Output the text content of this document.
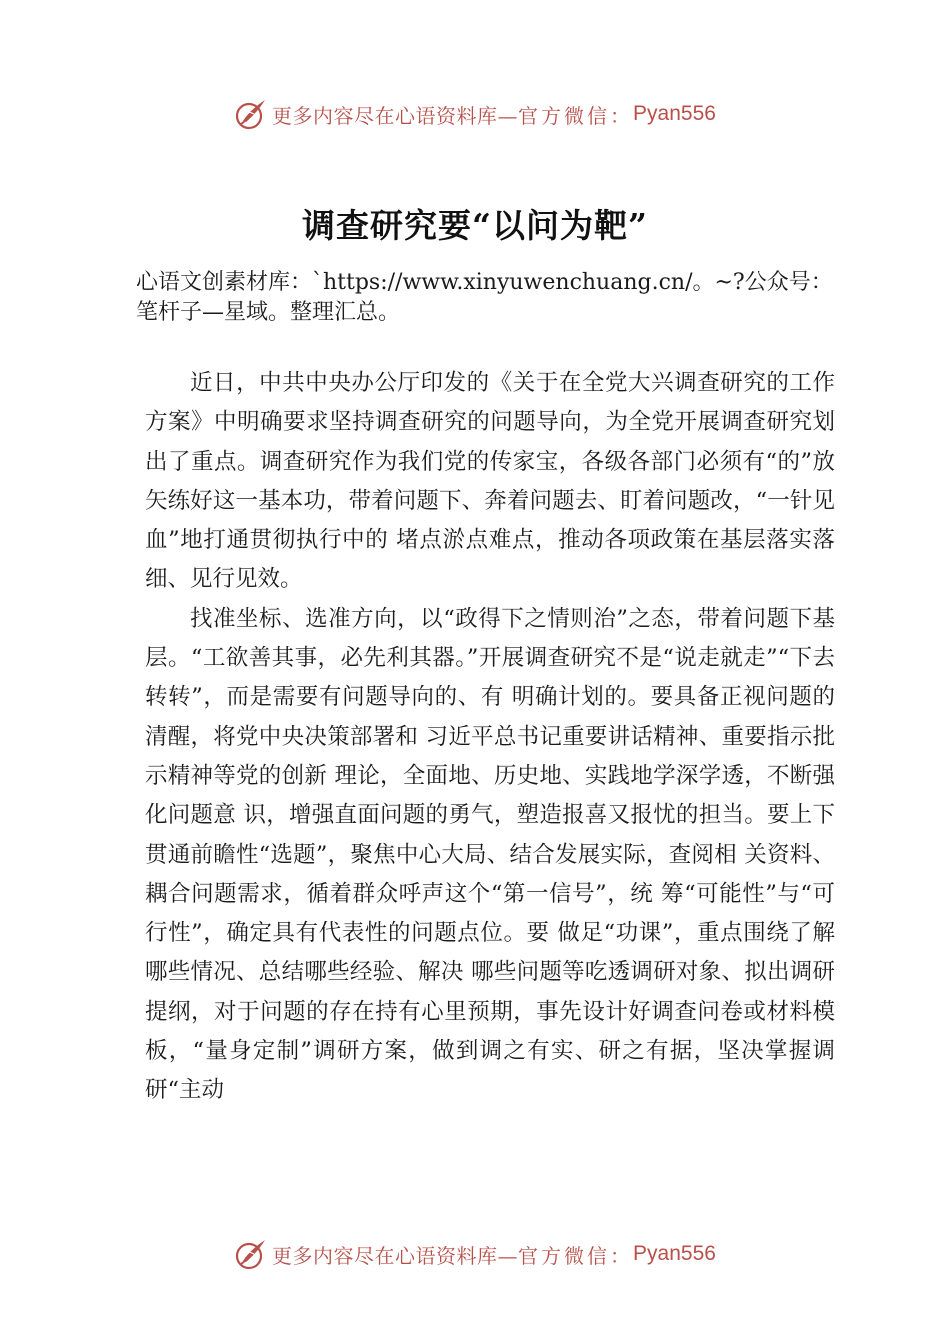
更多内容尽在心语资料库— 官方微信： Pyan556
调查研究要“以问为靶”
心语文创素材库：`https://www.xinyuwenchuang.cn/。~?公众号：笔杆子—星域。整理汇总。

近日，中共中央办公厅印发的《关于在全党大兴调查研究的工作方案》中明确要求坚持调查研究的问题导向，为全党开展调查研究划出了重点。调查研究作为我们党的传家宝，各级各部门必须有“的”放矢练好这一基本功，带着问题下、奔着问题去、盯着问题改，“一针见血”地打通贯彻执行中的 堵点淤点难点，推动各项政策在基层落实落细、见行见效。

找准坐标、选准方向，以“政得下之情则治”之态，带着问题下基层。“工欲善其事，必先利其器。”开展调查研究不是“说走就走”“下去转转”，而是需要有问题导向的、有 明确计划的。要具备正视问题的清醒，将党中央决策部署和 习近平总书记重要讲话精神、重要指示批示精神等党的创新 理论，全面地、历史地、实践地学深学透，不断强化问题意 识，增强直面问题的勇气，塑造报喜又报忧的担当。要上下 贯通前瞻性“选题”，聚焦中心大局、结合发展实际，查阅相 关资料、耦合问题需求，循着群众呼声这个“第一信号”，统 筹“可能性”与“可行性”，确定具有代表性的问题点位。要 做足“功课”，重点围绕了解哪些情况、总结哪些经验、解决 哪些问题等吃透调研对象、拟出调研提纲，对于问题的存在持有心里预期，事先设计好调查问卷或材料模板，“量身定制”调研方案，做到调之有实、研之有据，坚决掌握调研“主动

更多内容尽在心语资料库— 官方微信： Pyan556
